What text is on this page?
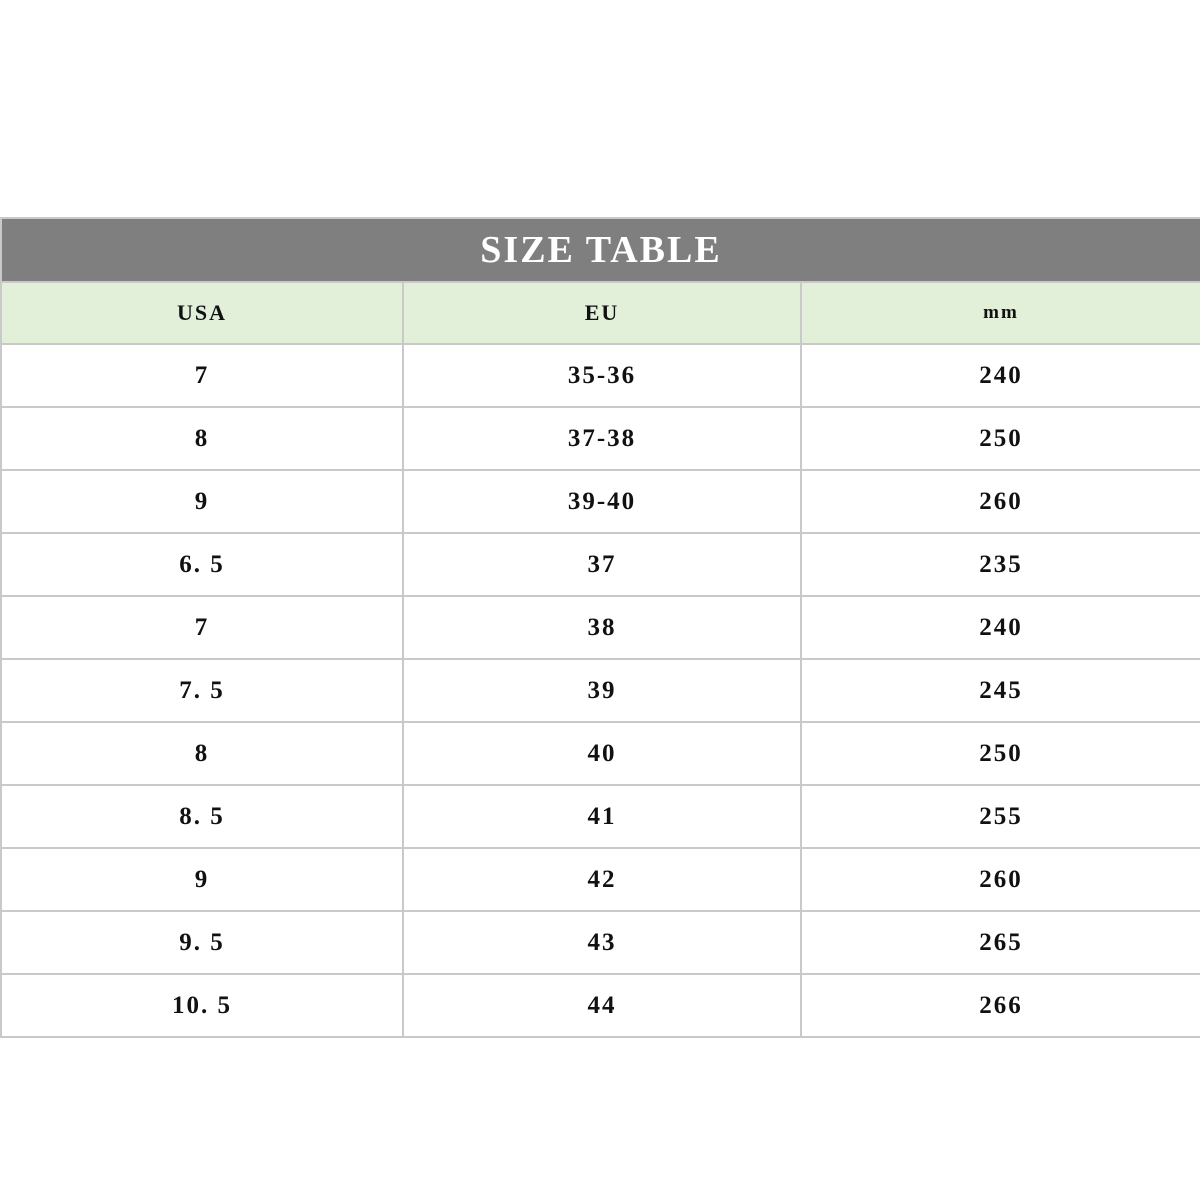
SIZE TABLE		
USA	EU	mm
7	35-36	240
8	37-38	250
9	39-40	260
6. 5	37	235
7	38	240
7. 5	39	245
8	40	250
8. 5	41	255
9	42	260
9. 5	43	265
10. 5	44	266
